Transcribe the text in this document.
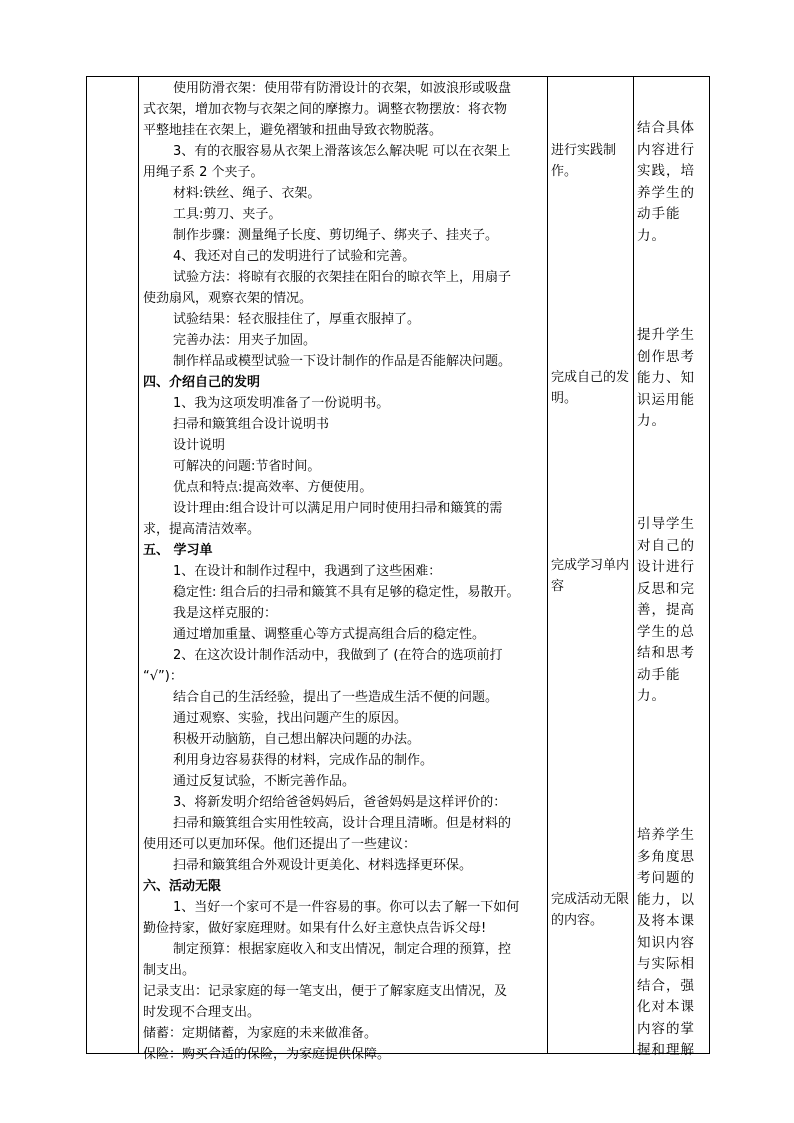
使用防滑衣架：使用带有防滑设计的衣架，如波浪形或吸盘
式衣架，增加衣物与衣架之间的摩擦力。调整衣物摆放：将衣物
平整地挂在衣架上，避免褶皱和扭曲导致衣物脱落。
3、有的衣服容易从衣架上滑落该怎么解决呢 可以在衣架上
用绳子系 2 个夹子。
材料:铁丝、绳子、衣架。
工具:剪刀、夹子。
制作步骤：测量绳子长度、剪切绳子、绑夹子、挂夹子。
4、我还对自己的发明进行了试验和完善。
试验方法：将晾有衣服的衣架挂在阳台的晾衣竿上，用扇子
使劲扇风，观察衣架的情况。
试验结果：轻衣服挂住了，厚重衣服掉了。
完善办法：用夹子加固。
制作样品或模型试验一下设计制作的作品是否能解决问题。
四、介绍自己的发明
1、我为这项发明准备了一份说明书。
扫帚和簸箕组合设计说明书
设计说明
可解决的问题:节省时间。
优点和特点:提高效率、方便使用。
设计理由:组合设计可以满足用户同时使用扫帚和簸箕的需
求，提高清洁效率。
五、 学习单
1、在设计和制作过程中，我遇到了这些困难：
稳定性: 组合后的扫帚和簸箕不具有足够的稳定性，易散开。
我是这样克服的：
通过增加重量、调整重心等方式提高组合后的稳定性。
2、在这次设计制作活动中，我做到了 (在符合的选项前打
“√”)：
结合自己的生活经验，提出了一些造成生活不便的问题。
通过观察、实验，找出问题产生的原因。
积极开动脑筋，自己想出解决问题的办法。
利用身边容易获得的材料，完成作品的制作。
通过反复试验，不断完善作品。
3、将新发明介绍给爸爸妈妈后，爸爸妈妈是这样评价的：
扫帚和簸箕组合实用性较高，设计合理且清晰。但是材料的
使用还可以更加环保。他们还提出了一些建议：
扫帚和簸箕组合外观设计更美化、材料选择更环保。
六、活动无限
1、当好一个家可不是一件容易的事。你可以去了解一下如何
勤俭持家，做好家庭理财。如果有什么好主意快点告诉父母!
制定预算：根据家庭收入和支出情况，制定合理的预算，控
制支出。
记录支出：记录家庭的每一笔支出，便于了解家庭支出情况，及
时发现不合理支出。
储蓄：定期储蓄，为家庭的未来做准备。
保险：购买合适的保险，为家庭提供保障。
进行实践制作。
完成自己的发明。
完成学习单内容
完成活动无限的内容。
结合具体内容进行实践，培养学生的动手能力。
提升学生创作思考能力、知识运用能力。
引导学生对自己的设计进行反思和完善，提高学生的总结和思考动手能力。
培养学生多角度思考问题的能力，以及将本课知识内容与实际相结合，强化对本课内容的掌握和理解
